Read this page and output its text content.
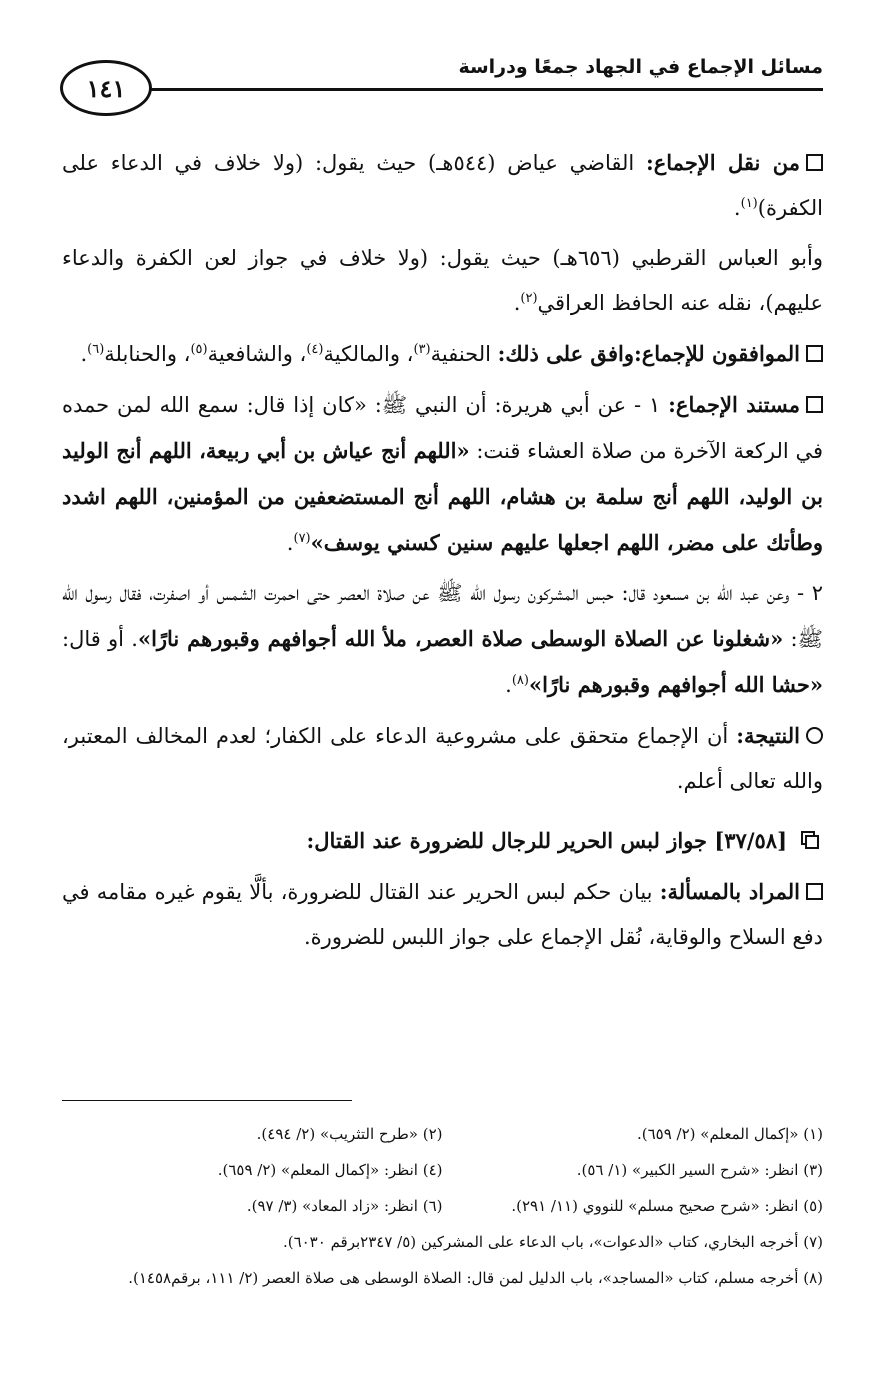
مسائل الإجماع في الجهاد جمعًا ودراسة
١٤١

من نقل الإجماع: القاضي عياض (٥٤٤هـ) حيث يقول: (ولا خلاف في الدعاء على الكفرة)$^{(١)}$.

وأبو العباس القرطبي (٦٥٦هـ) حيث يقول: (ولا خلاف في جواز لعن الكفرة والدعاء عليهم)، نقله عنه الحافظ العراقي$^{(٢)}$.

الموافقون للإجماع:وافق على ذلك: الحنفية$^{(٣)}$، والمالكية$^{(٤)}$، والشافعية$^{(٥)}$، والحنابلة$^{(٦)}$.

مستند الإجماع: ١ - عن أبي هريرة: أن النبي ﷺ: «كان إذا قال: سمع الله لمن حمده في الركعة الآخرة من صلاة العشاء قنت: «اللهم أنج عياش بن أبي ربيعة، اللهم أنج الوليد بن الوليد، اللهم أنج سلمة بن هشام، اللهم أنج المستضعفين من المؤمنين، اللهم اشدد وطأتك على مضر، اللهم اجعلها عليهم سنين كسني يوسف»$^{(٧)}$.

٢ - وعن عبد الله بن مسعود قال: حبس المشركون رسول الله ﷺ عن صلاة العصر حتى احمرت الشمس أو اصفرت، فقال رسول الله ﷺ: «شغلونا عن الصلاة الوسطى صلاة العصر، ملأ الله أجوافهم وقبورهم نارًا». أو قال: «حشا الله أجوافهم وقبورهم نارًا»$^{(٨)}$.

النتيجة: أن الإجماع متحقق على مشروعية الدعاء على الكفار؛ لعدم المخالف المعتبر، والله تعالى أعلم.

[٣٧/٥٨] جواز لبس الحرير للرجال للضرورة عند القتال:

المراد بالمسألة: بيان حكم لبس الحرير عند القتال للضرورة، بألَّا يقوم غيره مقامه في دفع السلاح والوقاية، نُقل الإجماع على جواز اللبس للضرورة.

(١) «إكمال المعلم» (٢/ ٦٥٩).
(٢) «طرح التثريب» (٢/ ٤٩٤).
(٣) انظر: «شرح السير الكبير» (١/ ٥٦).
(٤) انظر: «إكمال المعلم» (٢/ ٦٥٩).
(٥) انظر: «شرح صحيح مسلم» للنووي (١١/ ٢٩١).
(٦) انظر: «زاد المعاد» (٣/ ٩٧).
(٧) أخرجه البخاري، كتاب «الدعوات»، باب الدعاء على المشركين (٥/ ٢٣٤٧برقم ٦٠٣٠).
(٨) أخرجه مسلم، كتاب «المساجد»، باب الدليل لمن قال: الصلاة الوسطى هى صلاة العصر (٢/ ١١١، برقم١٤٥٨).
